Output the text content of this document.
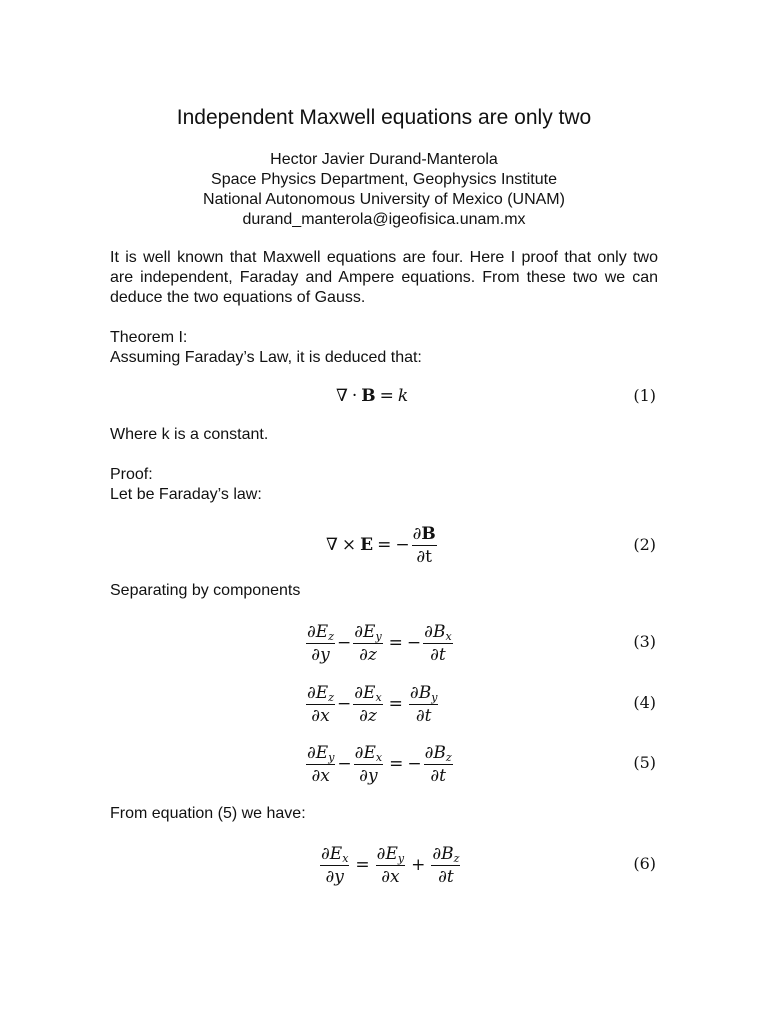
Independent Maxwell equations are only two
Hector Javier Durand-Manterola
Space Physics Department, Geophysics Institute
National Autonomous University of Mexico (UNAM)
durand_manterola@igeofisica.unam.mx
It is well known that Maxwell equations are four. Here I proof that only two are independent, Faraday and Ampere equations. From these two we can deduce the two equations of Gauss.
Theorem I:
Assuming Faraday’s Law, it is deduced that:
∇ · B = k	(1)
Where k is a constant.
Proof:
Let be Faraday’s law:
∇ × E = − $\frac{\partial B}{\partial t}$	(2)
Separating by components
$\frac{\partial E_z}{\partial y} - \frac{\partial E_y}{\partial z}$ = − $\frac{\partial B_x}{\partial t}$	(3)
$\frac{\partial E_z}{\partial x} - \frac{\partial E_x}{\partial z} = \frac{\partial B_y}{\partial t}$	(4)
$\frac{\partial E_y}{\partial x} - \frac{\partial E_x}{\partial y}$ = − $\frac{\partial B_z}{\partial t}$	(5)
From equation (5) we have:
$\frac{\partial E_x}{\partial y} = \frac{\partial E_y}{\partial x} + \frac{\partial B_z}{\partial t}$	(6)
